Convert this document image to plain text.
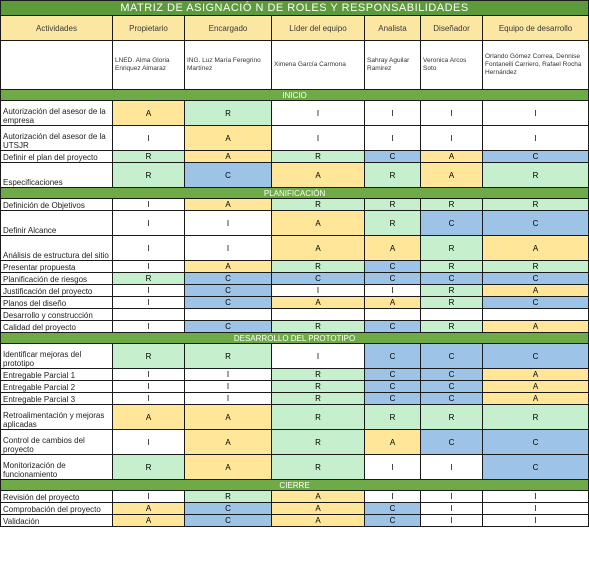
MATRIZ DE ASIGNACIÓ N DE ROLES Y RESPONSABILIDADES						
Actividades	Propietario	Encargado	Líder del equipo	Analista	Diseñador	Equipo de desarrollo
	LNED. Alma Gloria Enriquez Almaraz	ING. Luz María Feregrino Martínez	Ximena García Carmona	Sahray Aguilar Ramirez	Veronica Arcos Soto	Orlando Gómez Correa, Dennise Fontanelli Carriero, Rafael Rocha Hernández
INICIO						
Autorización del asesor de la empresa	A	R	I	I	I	I
Autorización del asesor de la UTSJR	I	A	I	I	I	I
Definir el plan del proyecto	R	A	R	C	A	C
Especificaciones	R	C	A	R	A	R
PLANIFICACIÓN						
Definición de Objetivos	I	A	R	R	R	R
Definir Alcance	I	I	A	R	C	C
Análisis de estructura del sitio	I	I	A	A	R	A
Presentar propuesta	I	A	R	C	R	R
Planificación de riesgos	R	C	C	C	C	C
Justificación del proyecto	I	C	I	I	R	A
Planos del diseño	I	C	A	A	R	C
Desarrollo y construcción						
Calidad del proyecto	I	C	R	C	R	A
DESARROLLO DEL PROTOTIPO						
Identificar mejoras del prototipo	R	R	I	C	C	C
Entregable Parcial 1	I	I	R	C	C	A
Entregable Parcial 2	I	I	R	C	C	A
Entregable Parcial 3	I	I	R	C	C	A
Retroalimentación y mejoras aplicadas	A	A	R	R	R	R
Control de cambios del proyecto	I	A	R	A	C	C
Monitorización de funcionamiento	R	A	R	I	I	C
CIERRE						
Revisión del proyecto	I	R	A	I	I	I
Comprobación del proyecto	A	C	A	C	I	I
Validación	A	C	A	C	I	I
